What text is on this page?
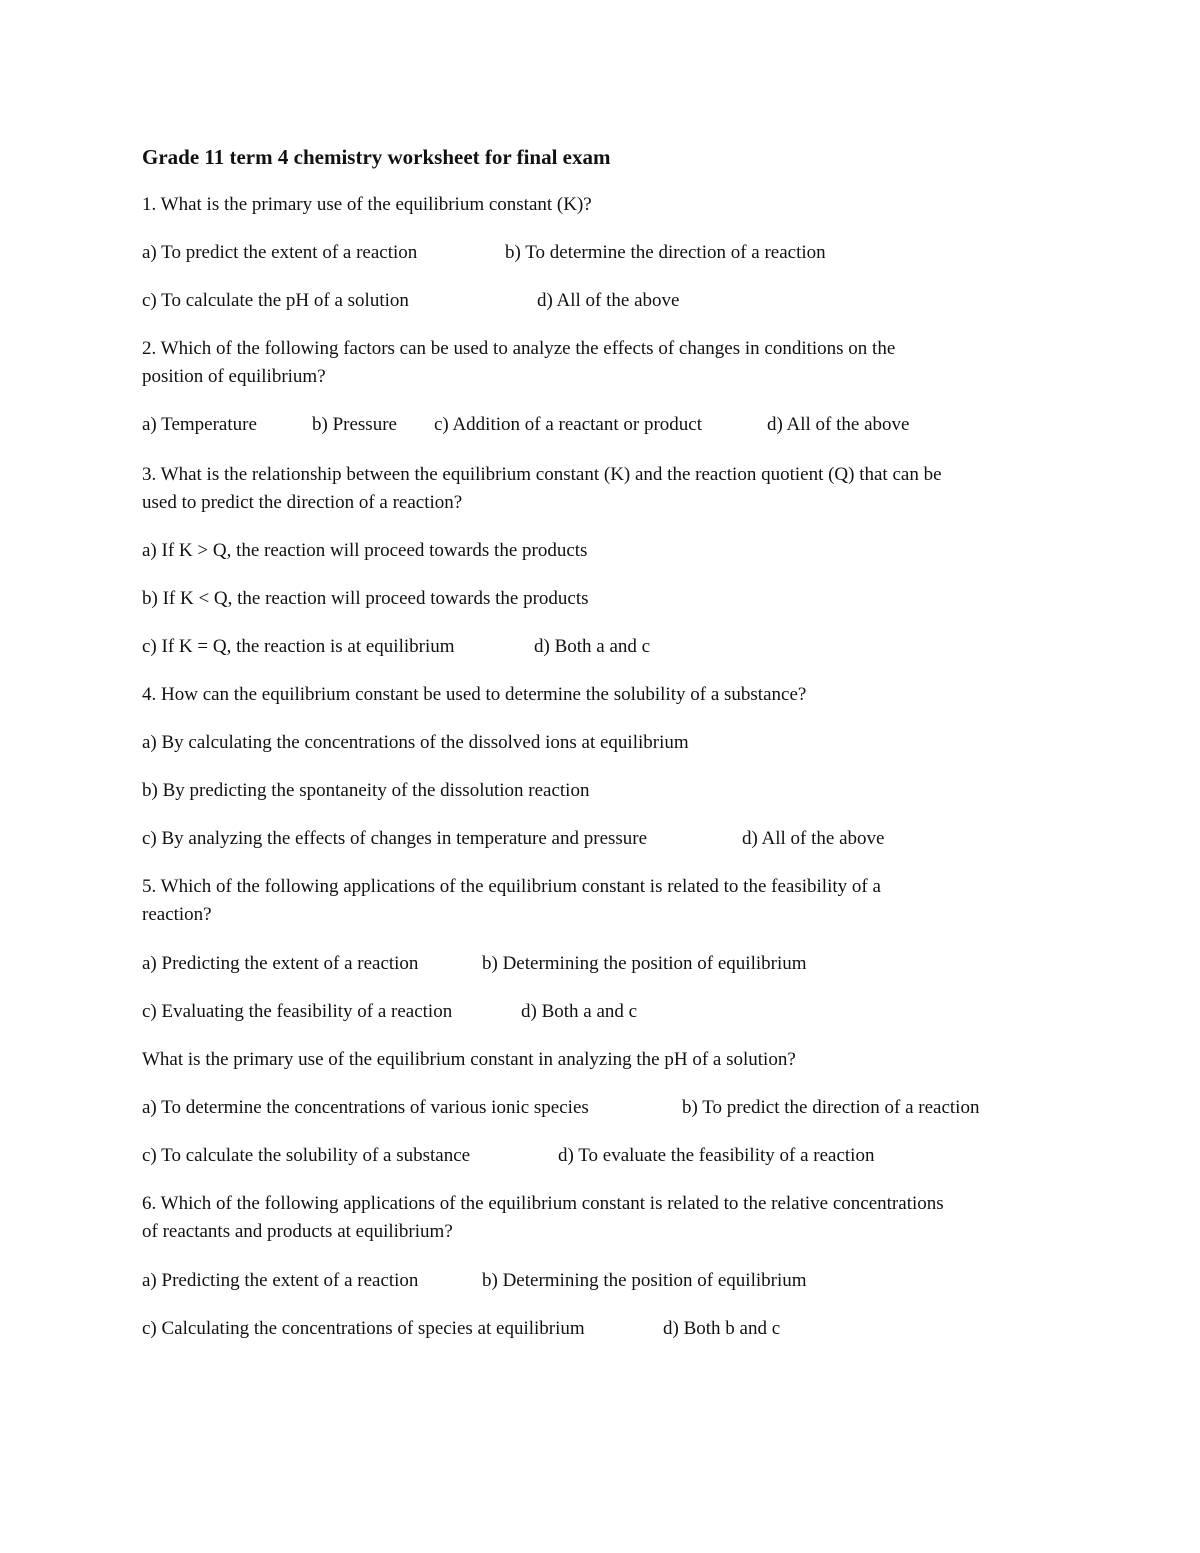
Grade 11 term 4 chemistry worksheet for final exam
1. What is the primary use of the equilibrium constant (K)?
a) To predict the extent of a reaction	b) To determine the direction of a reaction
c) To calculate the pH of a solution	d) All of the above
2. Which of the following factors can be used to analyze the effects of changes in conditions on the
position of equilibrium?
a) Temperature	b) Pressure c) Addition of a reactant or product	d) All of the above
3. What is the relationship between the equilibrium constant (K) and the reaction quotient (Q) that can be
used to predict the direction of a reaction?
a) If K > Q, the reaction will proceed towards the products
b) If K < Q, the reaction will proceed towards the products
c) If K = Q, the reaction is at equilibrium	d) Both a and c
4. How can the equilibrium constant be used to determine the solubility of a substance?
a) By calculating the concentrations of the dissolved ions at equilibrium
b) By predicting the spontaneity of the dissolution reaction
c) By analyzing the effects of changes in temperature and pressure	d) All of the above
5. Which of the following applications of the equilibrium constant is related to the feasibility of a
reaction?
a) Predicting the extent of a reaction	b) Determining the position of equilibrium
c) Evaluating the feasibility of a reaction	d) Both a and c
What is the primary use of the equilibrium constant in analyzing the pH of a solution?
a) To determine the concentrations of various ionic species	b) To predict the direction of a reaction
c) To calculate the solubility of a substance	d) To evaluate the feasibility of a reaction
6. Which of the following applications of the equilibrium constant is related to the relative concentrations
of reactants and products at equilibrium?
a) Predicting the extent of a reaction	b) Determining the position of equilibrium
c) Calculating the concentrations of species at equilibrium	d) Both b and c
